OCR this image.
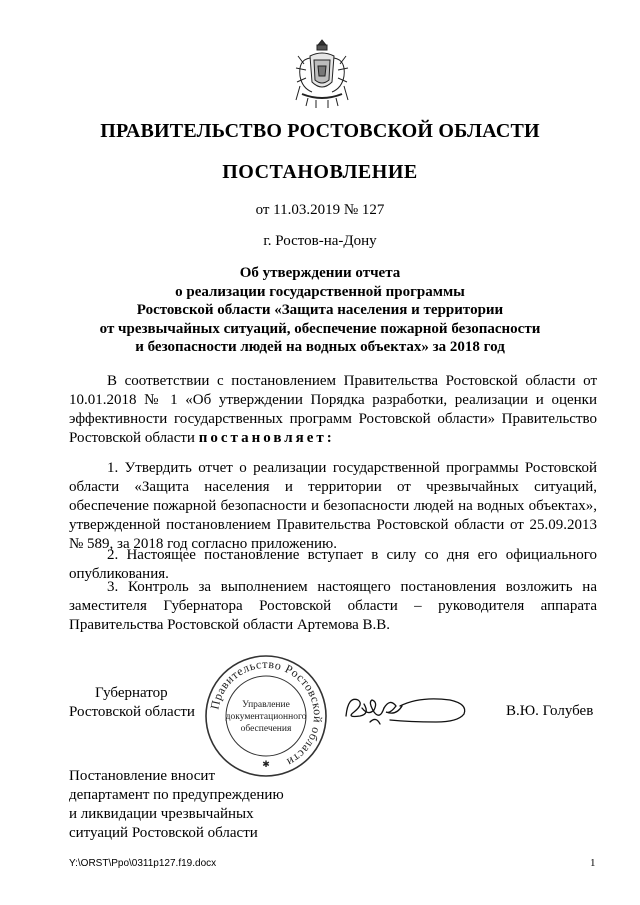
ПРАВИТЕЛЬСТВО РОСТОВСКОЙ ОБЛАСТИ
ПОСТАНОВЛЕНИЕ
от 11.03.2019 № 127
г. Ростов-на-Дону
Об утверждении отчета
о реализации государственной программы
Ростовской области «Защита населения и территории
от чрезвычайных ситуаций, обеспечение пожарной безопасности
и безопасности людей на водных объектах» за 2018 год
В соответствии с постановлением Правительства Ростовской области от 10.01.2018 № 1 «Об утверждении Порядка разработки, реализации и оценки эффективности государственных программ Ростовской области» Правительство Ростовской области постановляет:
1. Утвердить отчет о реализации государственной программы Ростовской области «Защита населения и территории от чрезвычайных ситуаций, обеспечение пожарной безопасности и безопасности людей на водных объектах», утвержденной постановлением Правительства Ростовской области от 25.09.2013 № 589, за 2018 год согласно приложению.
2. Настоящее постановление вступает в силу со дня его официального опубликования.
3. Контроль за выполнением настоящего постановления возложить на заместителя Губернатора Ростовской области – руководителя аппарата Правительства Ростовской области Артемова В.В.
Губернатор
Ростовской области Правительство Ростовской области
Управление
документационного
обеспечения
✱
В.Ю. Голубев
Постановление вносит
департамент по предупреждению
и ликвидации чрезвычайных
ситуаций Ростовской области
Y:\ORST\Ppo\0311p127.f19.docx	1
